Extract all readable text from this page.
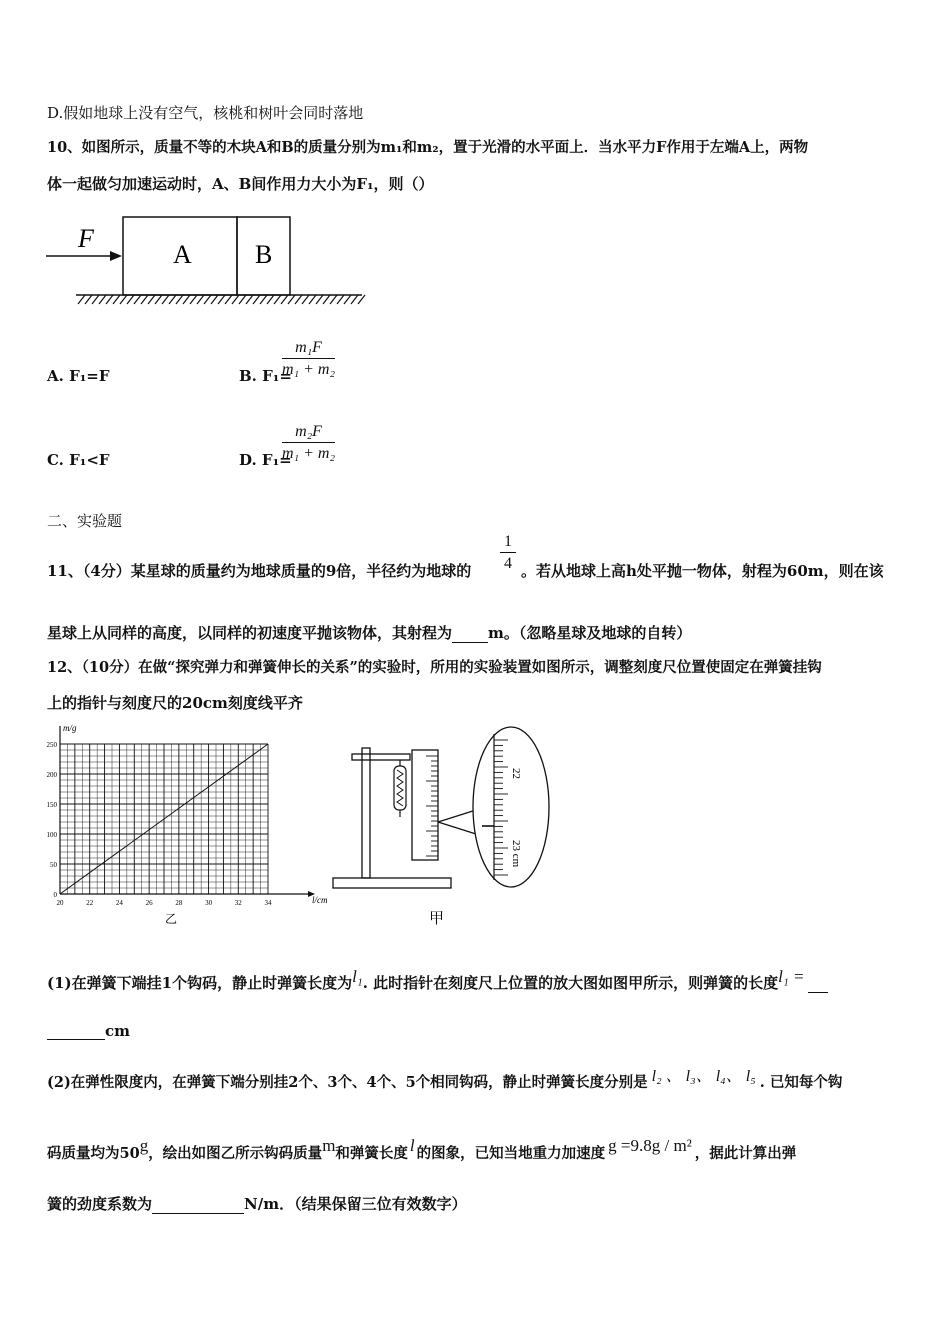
D.假如地球上没有空气，核桃和树叶会同时落地
10、如图所示，质量不等的木块A和B的质量分别为m₁和m₂，置于光滑的水平面上．当水平力F作用于左端A上，两物
体一起做匀加速运动时，A、B间作用力大小为F₁，则（）
F
A B
A. F₁=F	B. F₁=
$\frac{\text{m₁F}}{\text{m₁ + m₂}}$
C. F₁<F	D. F₁=
$\frac{\text{m₂F}}{\text{m₁ + m₂}}$
二、实验题
11、（4分）某星球的质量约为地球质量的9倍，半径约为地球的 $\frac{1}{4}$ 。若从地球上高h处平抛一物体，射程为60m，则在该
星球上从同样的高度，以同样的初速度平抛该物体，其射程为 m。（忽略星球及地球的自转）
12、（10分）在做“探究弹力和弹簧伸长的关系”的实验时，所用的实验装置如图所示，调整刻度尺位置使固定在弹簧挂钩
上的指针与刻度尺的20cm刻度线平齐
m/g
l/cm
250
200
150
100
50
0
20	22	24	26	28	30	32	34
乙
22
23 cm
甲
(1)在弹簧下端挂1个钩码，静止时弹簧长度为l₁. 此时指针在刻度尺上位置的放大图如图甲所示，则弹簧的长度l₁ =
cm
(2)在弹性限度内，在弹簧下端分别挂2个、3个、4个、5个相同钩码，静止时弹簧长度分别是 l₂ 、 l₃、 l₄、 l₅ . 已知每个钩
码质量均为50g，绘出如图乙所示钩码质量m和弹簧长度 l 的图象，已知当地重力加速度 g =9.8g / m² ，据此计算出弹
簧的劲度系数为	N/m．（结果保留三位有效数字）
